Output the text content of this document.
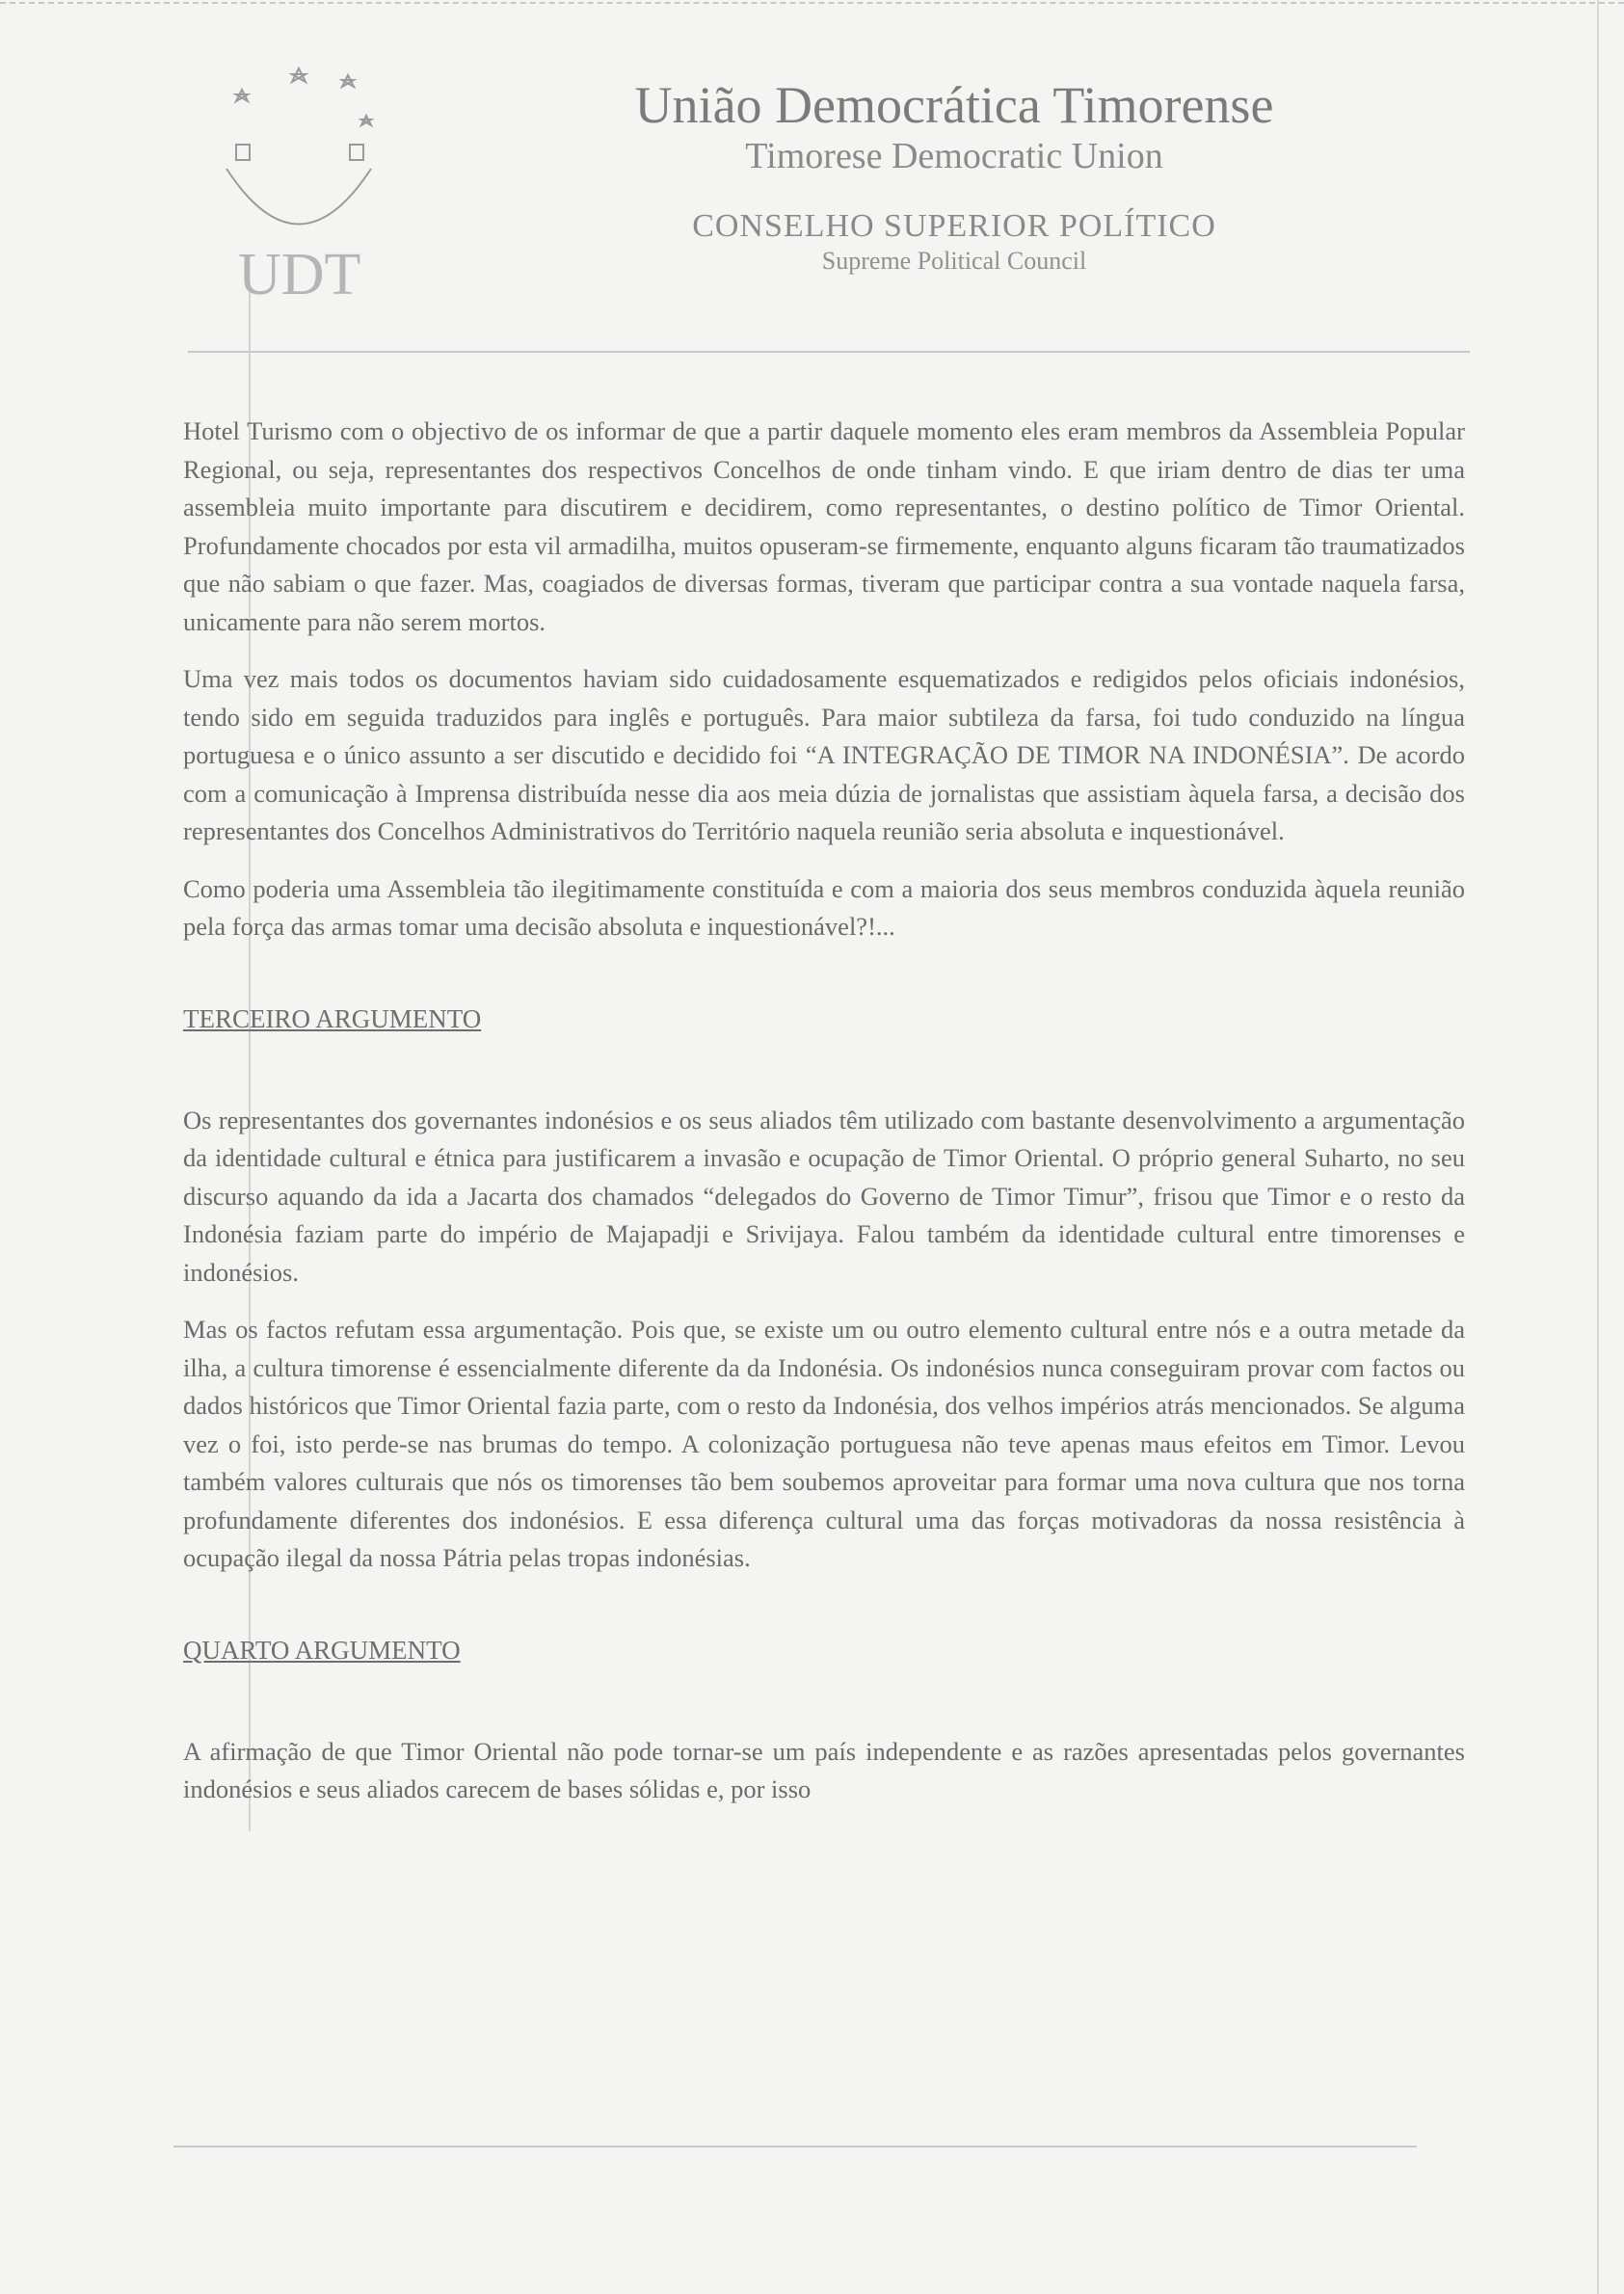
UDT
União Democrática Timorense
Timorese Democratic Union
CONSELHO SUPERIOR POLÍTICO
Supreme Political Council

Hotel Turismo com o objectivo de os informar de que a partir daquele momento eles eram membros da Assembleia Popular Regional, ou seja, representantes dos respectivos Concelhos de onde tinham vindo. E que iriam dentro de dias ter uma assembleia muito importante para discutirem e decidirem, como representantes, o destino político de Timor Oriental. Profundamente chocados por esta vil armadilha, muitos opuseram-se firmemente, enquanto alguns ficaram tão traumatizados que não sabiam o que fazer. Mas, coagiados de diversas formas, tiveram que participar contra a sua vontade naquela farsa, unicamente para não serem mortos.

Uma vez mais todos os documentos haviam sido cuidadosamente esquematizados e redigidos pelos oficiais indonésios, tendo sido em seguida traduzidos para inglês e português. Para maior subtileza da farsa, foi tudo conduzido na língua portuguesa e o único assunto a ser discutido e decidido foi “A INTEGRAÇÃO DE TIMOR NA INDONÉSIA”. De acordo com a comunicação à Imprensa distribuída nesse dia aos meia dúzia de jornalistas que assistiam àquela farsa, a decisão dos representantes dos Concelhos Administrativos do Território naquela reunião seria absoluta e inquestionável.

Como poderia uma Assembleia tão ilegitimamente constituída e com a maioria dos seus membros conduzida àquela reunião pela força das armas tomar uma decisão absoluta e inquestionável?!...

TERCEIRO ARGUMENTO

Os representantes dos governantes indonésios e os seus aliados têm utilizado com bastante desenvolvimento a argumentação da identidade cultural e étnica para justificarem a invasão e ocupação de Timor Oriental. O próprio general Suharto, no seu discurso aquando da ida a Jacarta dos chamados “delegados do Governo de Timor Timur”, frisou que Timor e o resto da Indonésia faziam parte do império de Majapadji e Srivijaya. Falou também da identidade cultural entre timorenses e indonésios.

Mas os factos refutam essa argumentação. Pois que, se existe um ou outro elemento cultural entre nós e a outra metade da ilha, a cultura timorense é essencialmente diferente da da Indonésia. Os indonésios nunca conseguiram provar com factos ou dados históricos que Timor Oriental fazia parte, com o resto da Indonésia, dos velhos impérios atrás mencionados. Se alguma vez o foi, isto perde-se nas brumas do tempo. A colonização portuguesa não teve apenas maus efeitos em Timor. Levou também valores culturais que nós os timorenses tão bem soubemos aproveitar para formar uma nova cultura que nos torna profundamente diferentes dos indonésios. E essa diferença cultural uma das forças motivadoras da nossa resistência à ocupação ilegal da nossa Pátria pelas tropas indonésias.

QUARTO ARGUMENTO

A afirmação de que Timor Oriental não pode tornar-se um país independente e as razões apresentadas pelos governantes indonésios e seus aliados carecem de bases sólidas e, por isso
